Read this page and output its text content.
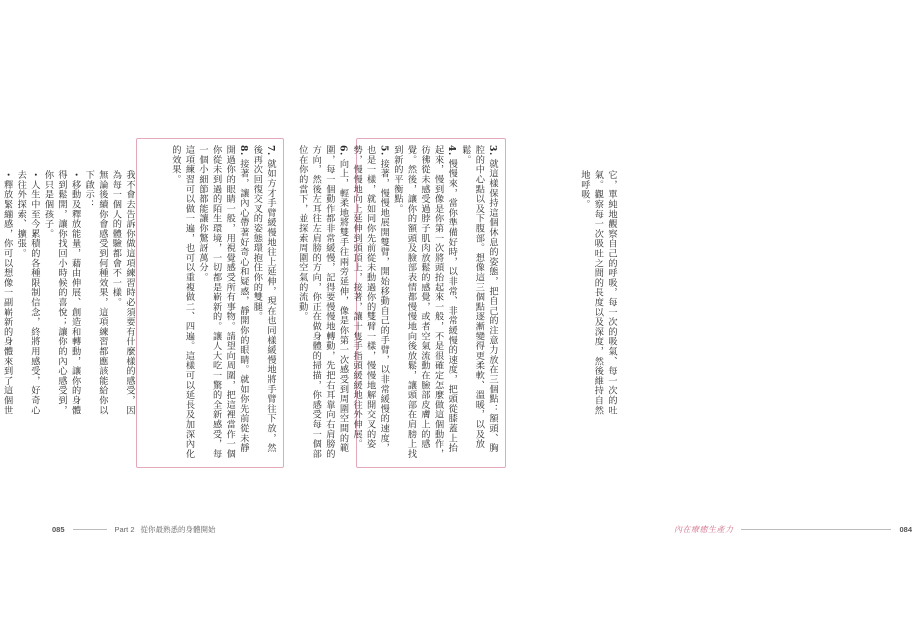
我不會去告訴你做這項練習時必須要有什麼樣的感受，因為每一個人的體驗都會不一樣。
無論後續你會感受到何種效果，這項練習都應該能給你以下啟示：
・移動及釋放能量，藉由伸展、創造和轉動，讓你的身體得到鬆開，讓你找回小時候的喜悅；讓你的內心感受到，你只是個孩子。
・人生中至今累積的各種限制信念，終將用感受，好奇心去往外探索、擴張。
・釋放緊繃感，你可以想像一副嶄新的身體來到了這個世
7.就如方才手臂緩慢地往上延伸，現在也同樣緩慢地將手臂往下放，然後再次回復交叉的姿態環抱住你的雙腿。
8.接著，讓內心帶著好奇心和疑惑，靜開你的眼睛。就如你先前從未靜開過你的眼睛一般，用視覺感受所有事物。請望向周圍，把這裡當作一個你從未到過的陌生環境，一切都是嶄新的。讓人大吃一驚的全新感受，每一個小細節都能讓你驚訝萬分。
這項練習可以做一遍，也可以重複做二、四遍。這樣可以延長及加深內化的效果。
085	Part 2 從你最熟悉的身體開始
3.就這樣保持這個休息的姿態，把自己的注意力放在三個點：額頭、胸腔的中心點以及下腹部。想像這三個點逐漸變得更柔軟、溫暖，以及放鬆。
4.慢慢來，當你準備好時，以非常、非常緩慢的速度，把頭從膝蓋上抬起來，慢到像是你第一次將頭抬起來一般，不是很確定怎麼做這個動作，彷彿從未感受過脖子肌肉放鬆的感覺，或者空氣流動在臉部皮膚上的感覺。然後，讓你的額頭及臉部表情都慢慢地向後放鬆，讓頭部在肩膀上找到新的平衡點。
5.接著，慢慢地展開雙臂，開始移動自己的手臂，以非常緩慢的速度，也是一樣，就如同你先前從未動過你的雙臂一樣，慢慢地解開交叉的姿勢，慢慢地向上延伸到頭頂上，接著，讓十隻手指頭緩緩地往外伸展。
6.向上，輕柔地將雙手往兩旁延伸，像是你第一次感受到周圍空間的範圍，每一個動作都非常緩慢，記得要慢慢地轉動，先把右耳靠向右肩膀的方向，然後左耳往左肩膀的方向，你正在做身體的掃描，你感受每一個部位在你的當下，並探索周圍空氣的流動。	它，單純地觀察自己的呼吸，每一次的吸氣、每一次的吐氣。觀察每一次吸吐之間的長度以及深度，然後維持自然地呼吸。
內在療癒生產力	084
